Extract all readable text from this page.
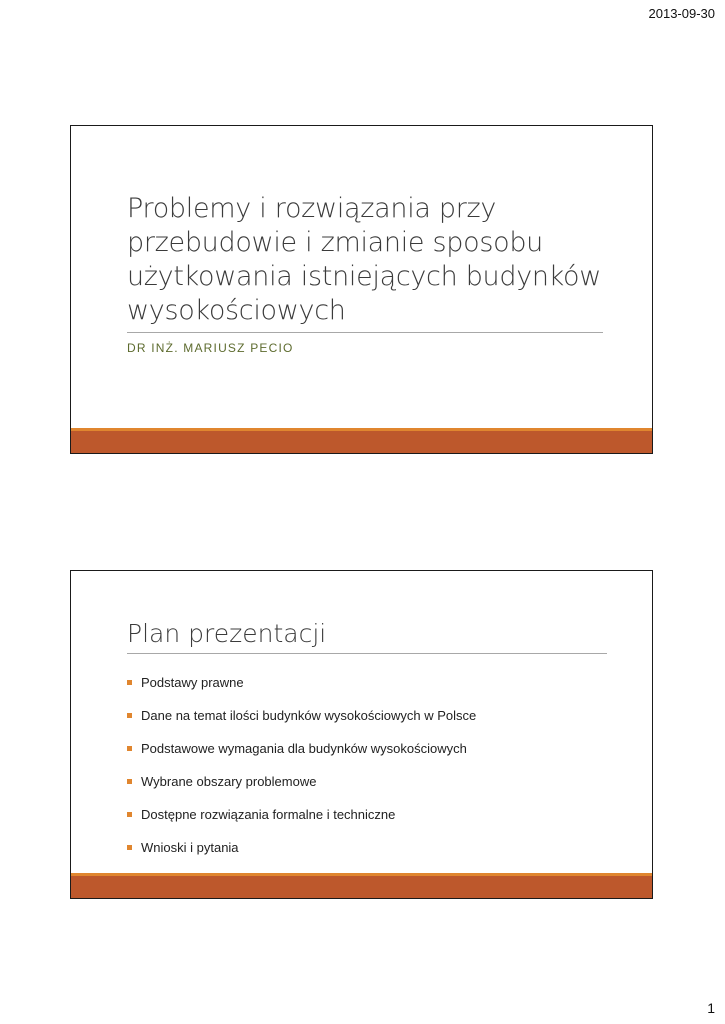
2013-09-30
Problemy i rozwiązania przy
przebudowie i zmianie sposobu
użytkowania istniejących budynków
wysokościowych
DR INŻ. MARIUSZ PECIO
Plan prezentacji
Podstawy prawne
Dane na temat ilości budynków wysokościowych w Polsce
Podstawowe wymagania dla budynków wysokościowych
Wybrane obszary problemowe
Dostępne rozwiązania formalne i techniczne
Wnioski i pytania
1
